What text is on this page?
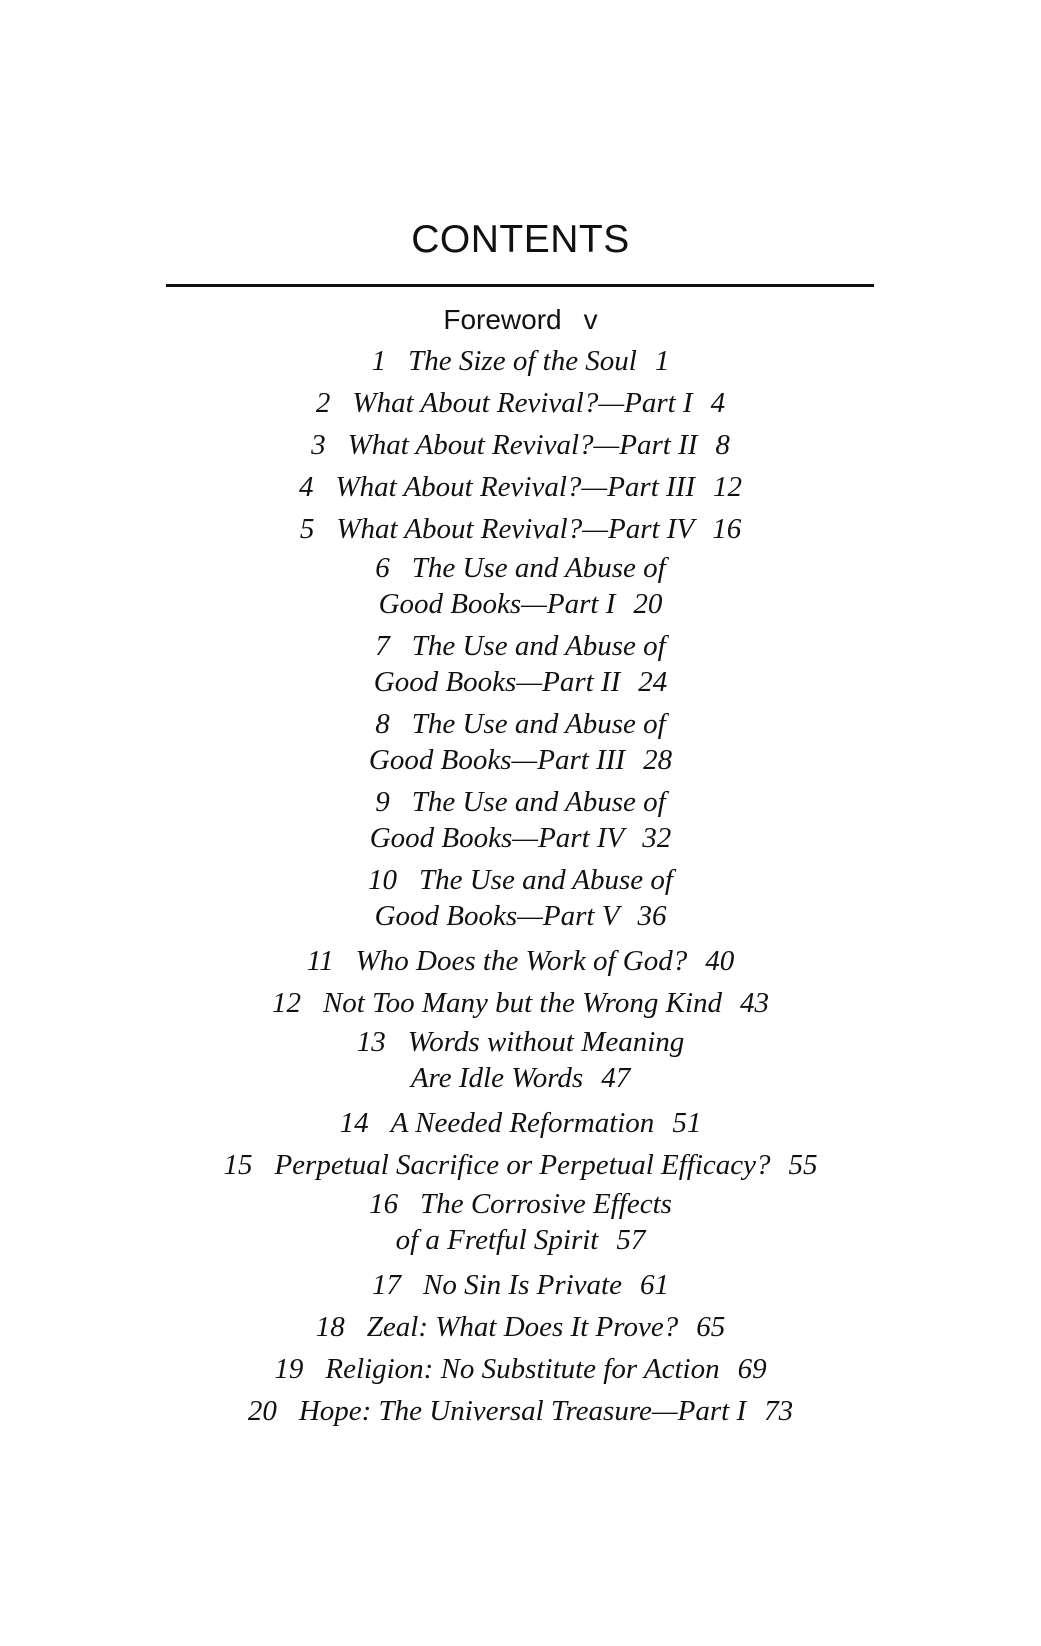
CONTENTS
Foreword v
1 The Size of the Soul 1
2 What About Revival?—Part I 4
3 What About Revival?—Part II 8
4 What About Revival?—Part III 12
5 What About Revival?—Part IV 16
6 The Use and Abuse of
Good Books—Part I 20
7 The Use and Abuse of
Good Books—Part II 24
8 The Use and Abuse of
Good Books—Part III 28
9 The Use and Abuse of
Good Books—Part IV 32
10 The Use and Abuse of
Good Books—Part V 36
11 Who Does the Work of God? 40
12 Not Too Many but the Wrong Kind 43
13 Words without Meaning
Are Idle Words 47
14 A Needed Reformation 51
15 Perpetual Sacrifice or Perpetual Efficacy? 55
16 The Corrosive Effects
of a Fretful Spirit 57
17 No Sin Is Private 61
18 Zeal: What Does It Prove? 65
19 Religion: No Substitute for Action 69
20 Hope: The Universal Treasure—Part I 73
